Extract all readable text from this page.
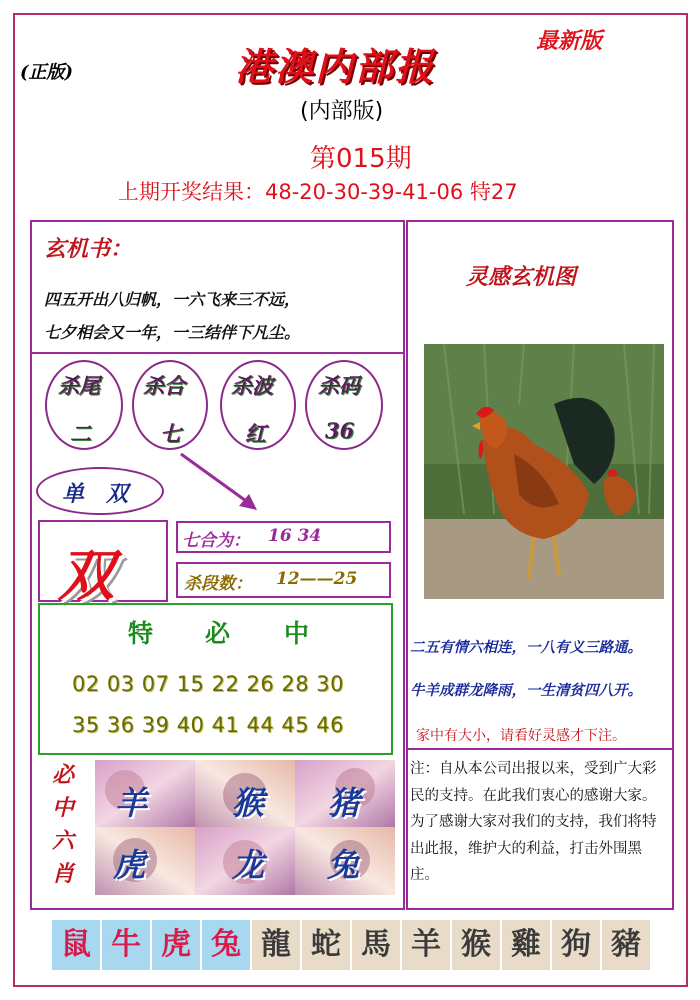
(正版)	港澳内部报
最新版
(内部版)
第015期
上期开奖结果：48-20-30-39-41-06 特27
玄机书：
四五开出八归帆，一六飞来三不远，
七夕相会又一年，一三结伴下凡尘。
杀尾
二
杀合
七
杀波
红
杀码
36
单　双
双
七合为： 16 34
杀段数： 12——25
特 必 中
02 03 07 15 22 26 28 30
35 36 39 40 41 44 45 46
必
中
六
肖
羊	猴 猪
虎	龙 兔
灵感玄机图
二五有情六相连，一八有义三路通。
牛羊成群龙降雨，一生清贫四八开。
家中有大小，请看好灵感才下注。
注：自从本公司出报以来，受到广大彩民的支持。在此我们衷心的感谢大家。为了感谢大家对我们的支持，我们将特出此报，维护大的利益，打击外围黑庄。
鼠 牛 虎 兔 龍 蛇 馬 羊 猴 雞 狗 豬
